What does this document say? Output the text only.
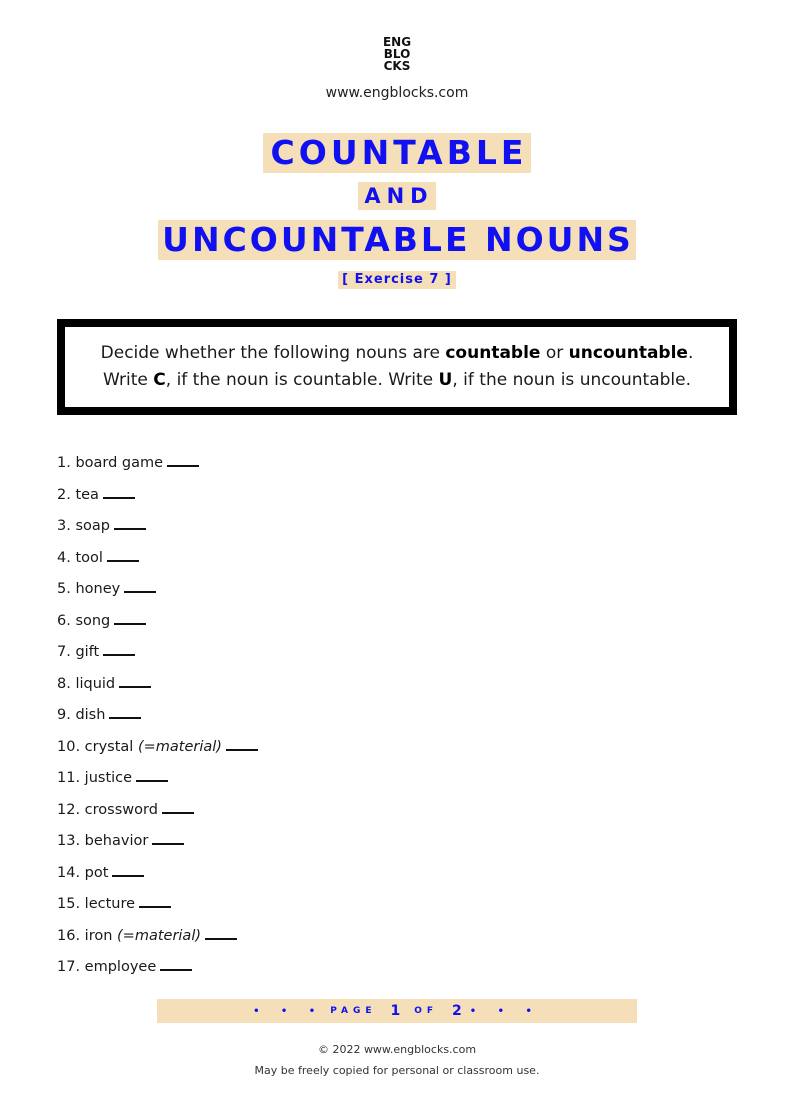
ENG
BLO
CKS
www.engblocks.com
COUNTABLE
AND
UNCOUNTABLE NOUNS
[ Exercise 7 ]
Decide whether the following nouns are countable or uncountable.
Write C, if the noun is countable. Write U, if the noun is uncountable.
1. board game
2. tea
3. soap
4. tool
5. honey
6. song
7. gift
8. liquid
9. dish
10. crystal (=material)
11. justice
12. crossword
13. behavior
14. pot
15. lecture
16. iron (=material)
17. employee
• • • PAGE 1 OF 2 • • •
© 2022 www.engblocks.com
May be freely copied for personal or classroom use.
